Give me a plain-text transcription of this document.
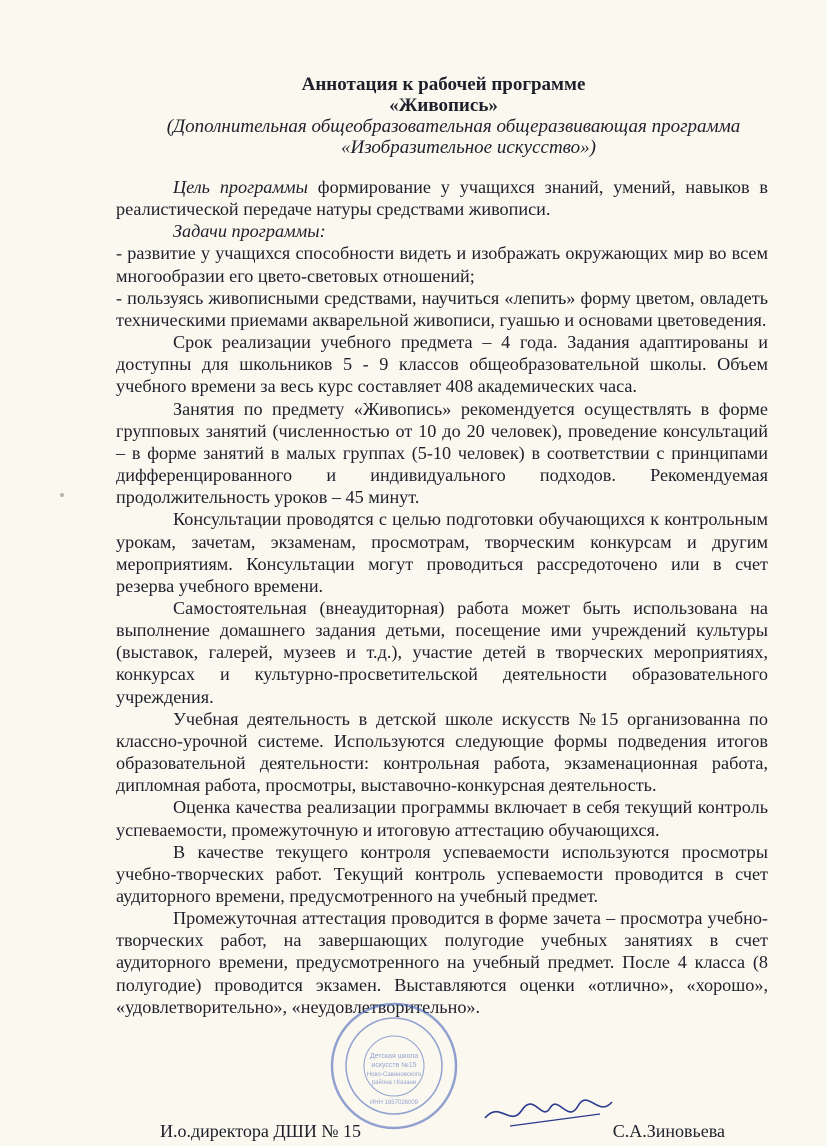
Аннотация к рабочей программе
«Живопись»
(Дополнительная общеобразовательная общеразвивающая программа
«Изобразительное искусство»)

Цель программы формирование у учащихся знаний, умений, навыков в реалистической передаче натуры средствами живописи.

Задачи программы:

- развитие у учащихся способности видеть и изображать окружающих мир во всем многообразии его цвето-световых отношений;

- пользуясь живописными средствами, научиться «лепить» форму цветом, овладеть техническими приемами акварельной живописи, гуашью и основами цветоведения.

Срок реализации учебного предмета – 4 года. Задания адаптированы и доступны для школьников 5 - 9 классов общеобразовательной школы. Объем учебного времени за весь курс составляет 408 академических часа.

Занятия по предмету «Живопись» рекомендуется осуществлять в форме групповых занятий (численностью от 10 до 20 человек), проведение консультаций – в форме занятий в малых группах (5-10 человек) в соответствии с принципами дифференцированного и индивидуального подходов. Рекомендуемая продолжительность уроков – 45 минут.

Консультации проводятся с целью подготовки обучающихся к контрольным урокам, зачетам, экзаменам, просмотрам, творческим конкурсам и другим мероприятиям. Консультации могут проводиться рассредоточено или в счет резерва учебного времени.

Самостоятельная (внеаудиторная) работа может быть использована на выполнение домашнего задания детьми, посещение ими учреждений культуры (выставок, галерей, музеев и т.д.), участие детей в творческих мероприятиях, конкурсах и культурно-просветительской деятельности образовательного учреждения.

Учебная деятельность в детской школе искусств №15 организованна по классно-урочной системе. Используются следующие формы подведения итогов образовательной деятельности: контрольная работа, экзаменационная работа, дипломная работа, просмотры, выставочно-конкурсная деятельность.

Оценка качества реализации программы включает в себя текущий контроль успеваемости, промежуточную и итоговую аттестацию обучающихся.

В качестве текущего контроля успеваемости используются просмотры учебно-творческих работ. Текущий контроль успеваемости проводится в счет аудиторного времени, предусмотренного на учебный предмет.

Промежуточная аттестация проводится в форме зачета – просмотра учебно-творческих работ, на завершающих полугодие учебных занятиях в счет аудиторного времени, предусмотренного на учебный предмет. После 4 класса (8 полугодие) проводится экзамен. Выставляются оценки «отлично», «хорошо», «удовлетворительно», «неудовлетворительно».

Детская школа
искусств №15
Ново-Савиновского
района г.Казани
ИНН 1657026009
И.о.директора ДШИ № 15	С.А.Зиновьева
